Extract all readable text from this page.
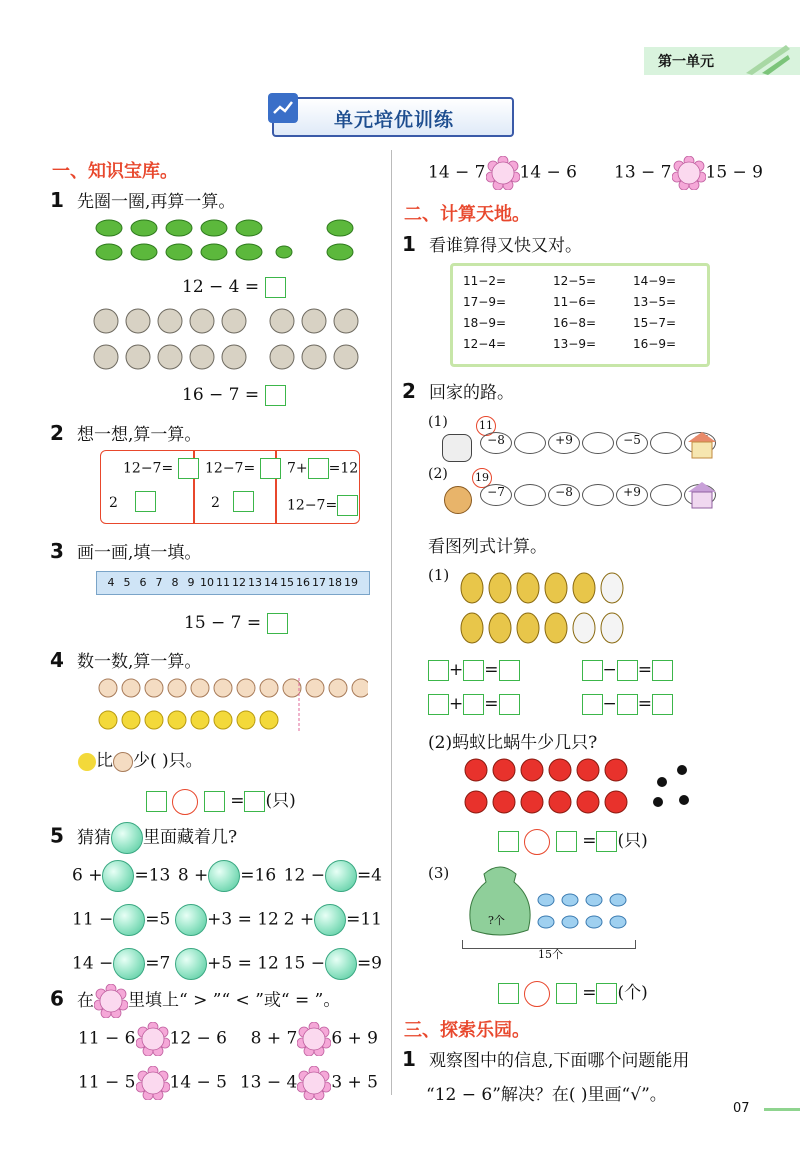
第一单元
单元培优训练
一、知识宝库。
1 先圈一圈,再算一算。
12 − 4 =
16 − 7 =
2 想一想,算一算。
12−7=
2
12−7=
2
7+ =12
12−7=
3 画一画,填一填。
4 5 6 7 8 9 10 11 12 13 14 15 16 17 18 19
15 − 7 =
4 数一数,算一算。
比 少( )只。
= (只)
5 猜猜 里面藏着几?
6 + =13 8 + =16 12 − =4
11 − =5	+3 = 12 2 + =11
14 − =7	+5 = 12 15 − =9
6 在 里填上“ > ”“ < ”或“ = ”。
11 − 6 12 − 6 8 + 7 6 + 9
11 − 5 14 − 5 13 − 4 3 + 5
14 − 7 14 − 6 13 − 7 15 − 9
二、计算天地。
1 看谁算得又快又对。
11−2=	12−5=	14−9=
17−9=	11−6=	13−5=
18−9=	16−8=	15−7=
12−4=	13−9=	16−9=
2 回家的路。
(1)	11
−8	+9	−5
(2) 19
−7	−8	+9
看图列式计算。
(1)
+ =	− =
+ =	− =
(2)蚂蚁比蜗牛少几只?
= (只)
(3)
?个
15个
= (个)
三、探索乐园。
1 观察图中的信息,下面哪个问题能用
“12 − 6”解决？在( )里画“√”。
07
